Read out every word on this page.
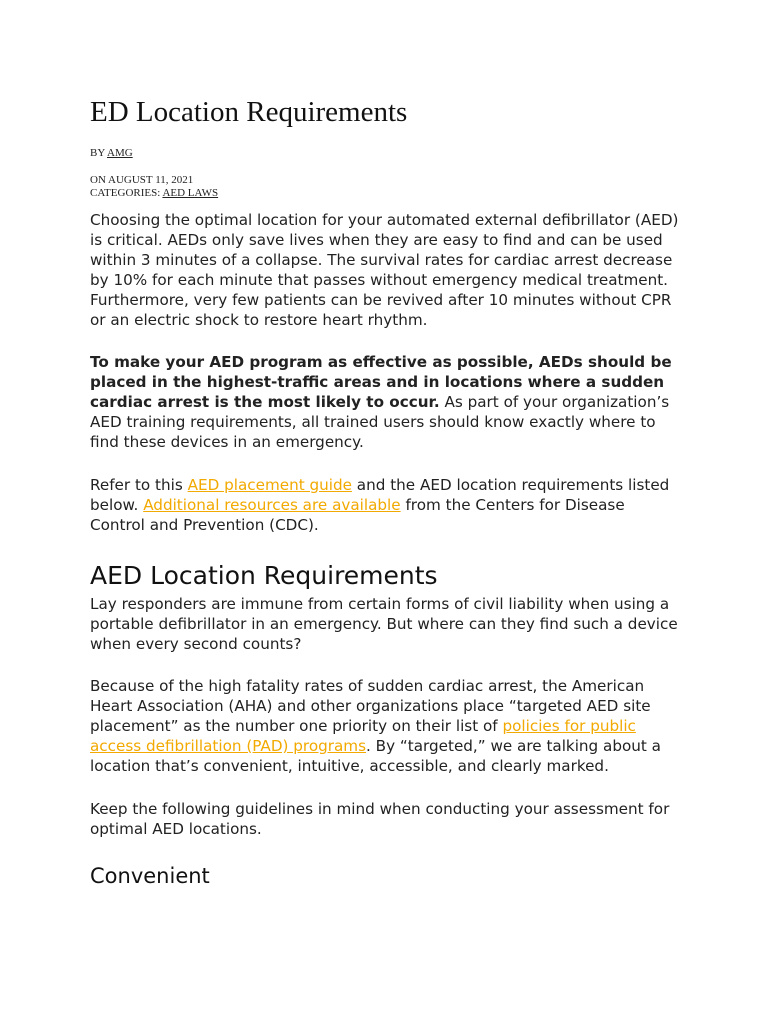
ED Location Requirements
BY AMG
ON AUGUST 11, 2021
CATEGORIES: AED LAWS

Choosing the optimal location for your automated external defibrillator (AED)
is critical. AEDs only save lives when they are easy to find and can be used
within 3 minutes of a collapse. The survival rates for cardiac arrest decrease
by 10% for each minute that passes without emergency medical treatment.
Furthermore, very few patients can be revived after 10 minutes without CPR
or an electric shock to restore heart rhythm.

To make your AED program as effective as possible, AEDs should be
placed in the highest-traffic areas and in locations where a sudden
cardiac arrest is the most likely to occur. As part of your organization’s
AED training requirements, all trained users should know exactly where to
find these devices in an emergency.

Refer to this AED placement guide and the AED location requirements listed
below. Additional resources are available from the Centers for Disease
Control and Prevention (CDC).

AED Location Requirements

Lay responders are immune from certain forms of civil liability when using a
portable defibrillator in an emergency. But where can they find such a device
when every second counts?

Because of the high fatality rates of sudden cardiac arrest, the American
Heart Association (AHA) and other organizations place “targeted AED site
placement” as the number one priority on their list of policies for public
access defibrillation (PAD) programs. By “targeted,” we are talking about a
location that’s convenient, intuitive, accessible, and clearly marked.

Keep the following guidelines in mind when conducting your assessment for
optimal AED locations.

Convenient
